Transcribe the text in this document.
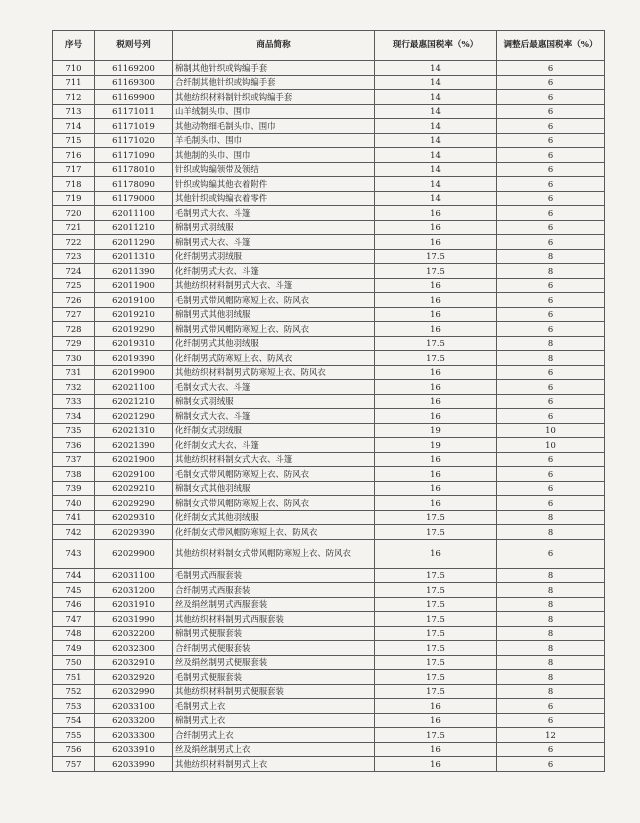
序号	税则号列	商品简称	现行最惠国税率（%）	调整后最惠国税率（%）
710	61169200	棉制其他针织或钩编手套	14	6
711	61169300	合纤制其他针织或钩编手套	14	6
712	61169900	其他纺织材料制针织或钩编手套	14	6
713	61171011	山羊绒制头巾、围巾	14	6
714	61171019	其他动物细毛制头巾、围巾	14	6
715	61171020	羊毛制头巾、围巾	14	6
716	61171090	其他制的头巾、围巾	14	6
717	61178010	针织或钩编领带及领结	14	6
718	61178090	针织或钩编其他衣着附件	14	6
719	61179000	其他针织或钩编衣着零件	14	6
720	62011100	毛制男式大衣、斗篷	16	6
721	62011210	棉制男式羽绒服	16	6
722	62011290	棉制男式大衣、斗篷	16	6
723	62011310	化纤制男式羽绒服	17.5	8
724	62011390	化纤制男式大衣、斗篷	17.5	8
725	62011900	其他纺织材料制男式大衣、斗篷	16	6
726	62019100	毛制男式带风帽防寒短上衣、防风衣	16	6
727	62019210	棉制男式其他羽绒服	16	6
728	62019290	棉制男式带风帽防寒短上衣、防风衣	16	6
729	62019310	化纤制男式其他羽绒服	17.5	8
730	62019390	化纤制男式防寒短上衣、防风衣	17.5	8
731	62019900	其他纺织材料制男式防寒短上衣、防风衣	16	6
732	62021100	毛制女式大衣、斗篷	16	6
733	62021210	棉制女式羽绒服	16	6
734	62021290	棉制女式大衣、斗篷	16	6
735	62021310	化纤制女式羽绒服	19	10
736	62021390	化纤制女式大衣、斗篷	19	10
737	62021900	其他纺织材料制女式大衣、斗篷	16	6
738	62029100	毛制女式带风帽防寒短上衣、防风衣	16	6
739	62029210	棉制女式其他羽绒服	16	6
740	62029290	棉制女式带风帽防寒短上衣、防风衣	16	6
741	62029310	化纤制女式其他羽绒服	17.5	8
742	62029390	化纤制女式带风帽防寒短上衣、防风衣	17.5	8
743	62029900	其他纺织材料制女式带风帽防寒短上衣、防风衣	16	6
744	62031100	毛制男式西服套装	17.5	8
745	62031200	合纤制男式西服套装	17.5	8
746	62031910	丝及绢丝制男式西服套装	17.5	8
747	62031990	其他纺织材料制男式西服套装	17.5	8
748	62032200	棉制男式便服套装	17.5	8
749	62032300	合纤制男式便服套装	17.5	8
750	62032910	丝及绢丝制男式便服套装	17.5	8
751	62032920	毛制男式便服套装	17.5	8
752	62032990	其他纺织材料制男式便服套装	17.5	8
753	62033100	毛制男式上衣	16	6
754	62033200	棉制男式上衣	16	6
755	62033300	合纤制男式上衣	17.5	12
756	62033910	丝及绢丝制男式上衣	16	6
757	62033990	其他纺织材料制男式上衣	16	6
